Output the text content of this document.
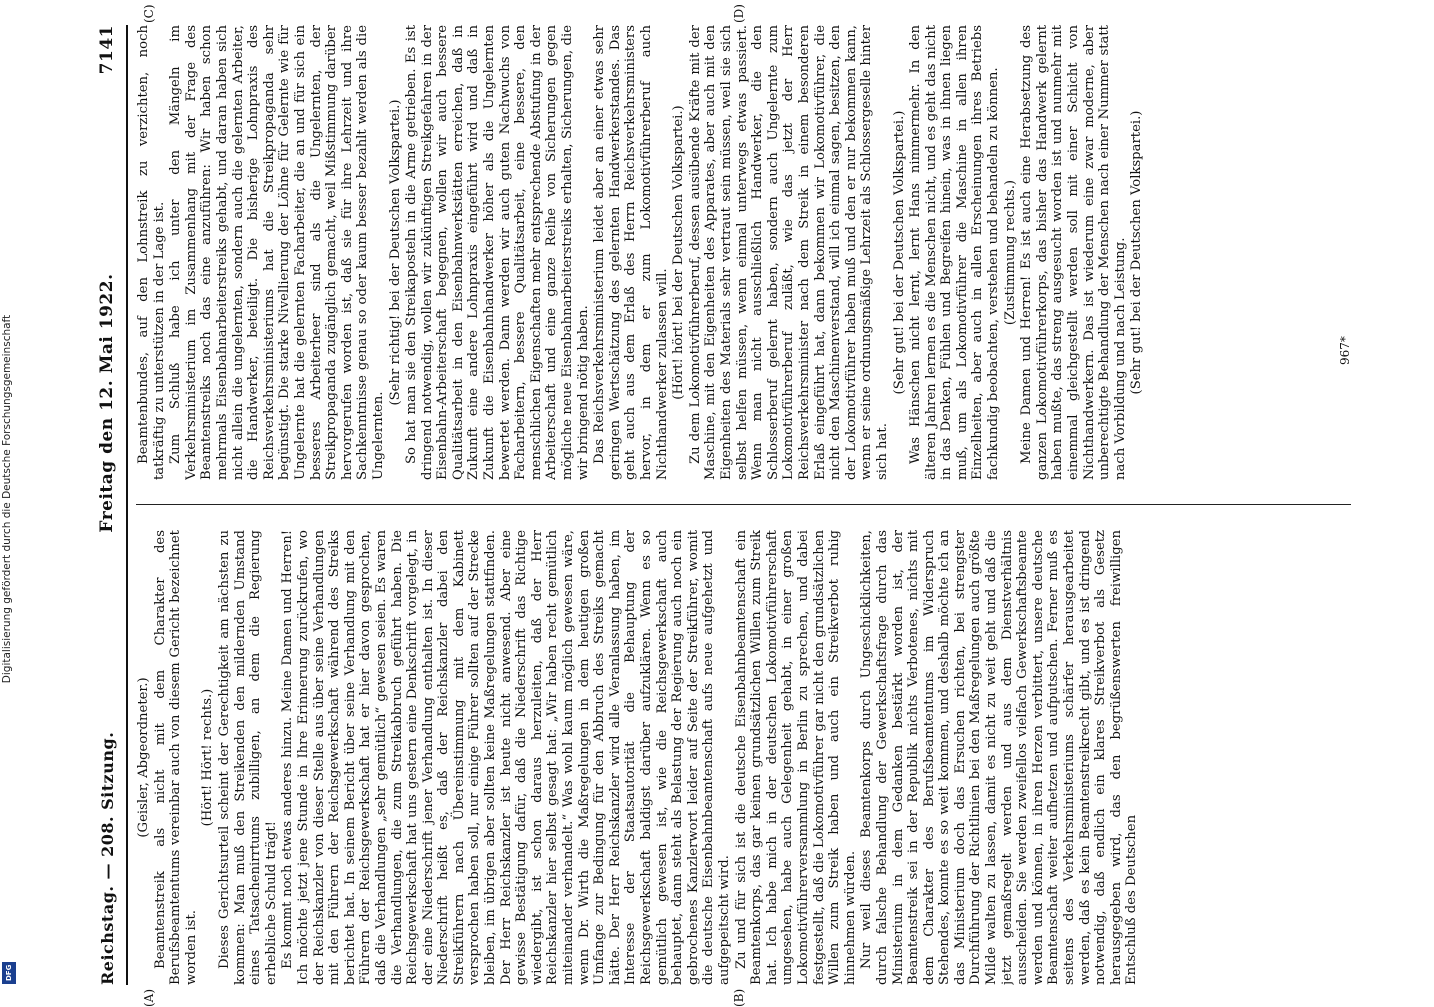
Digitalisierung gefördert durch die Deutsche Forschungsgemeinschaft
DFG	Reichstag. — 208. Sitzung.
Freitag den 12. Mai 1922.
7141
(A)	(B)
(C)	(D)

(Geisler, Abgeordneter.) Beamtenstreik als nicht mit dem Charakter des Berufsbeamtentums vereinbar auch von diesem Gericht bezeichnet worden ist.

(Hört! Hört! rechts.) Dieses Gerichtsurteil scheint der Gerechtigkeit am nächsten zu kommen: Man muß den Streikenden den mildernden Umstand eines Tatsachenirrtums zubilligen, an dem die Regierung erhebliche Schuld trägt! Es kommt noch etwas anderes hinzu. Meine Damen und Herren! Ich möchte jetzt jene Stunde in Ihre Erinnerung zurückrufen, wo der Reichskanzler von dieser Stelle aus über seine Verhandlungen mit den Führern der Reichsgewerkschaft während des Streiks berichtet hat. In seinem Bericht über seine Verhandlung mit den Führern der Reichsgewerkschaft hat er hier davon gesprochen, daß die Verhandlungen „sehr gemütlich“ gewesen seien. Es waren die Verhandlungen, die zum Streikabbruch geführt haben. Die Reichsgewerkschaft hat uns gestern eine Denkschrift vorgelegt, in der eine Niederschrift jener Verhandlung enthalten ist. In dieser Niederschrift heißt es, daß der Reichskanzler dabei den Streikführern nach Übereinstimmung mit dem Kabinett versprochen haben soll, nur einige Führer sollten auf der Strecke bleiben, im übrigen aber sollten keine Maßregelungen stattfinden. Der Herr Reichskanzler ist heute nicht anwesend. Aber eine gewisse Bestätigung dafür, daß die Niederschrift das Richtige wiedergibt, ist schon daraus herzuleiten, daß der Herr Reichskanzler hier selbst gesagt hat: „Wir haben recht gemütlich miteinander verhandelt.“ Was wohl kaum möglich gewesen wäre, wenn Dr. Wirth die Maßregelungen in dem heutigen großen Umfange zur Bedingung für den Abbruch des Streiks gemacht hätte. Der Herr Reichskanzler wird alle Veranlassung haben, im Interesse der Staatsautorität die Behauptung der Reichsgewerkschaft baldigst darüber aufzuklären. Wenn es so gemütlich gewesen ist, wie die Reichsgewerkschaft auch behauptet, dann steht als Belastung der Regierung auch noch ein gebrochenes Kanzlerwort leider auf Seite der Streikführer, womit die deutsche Eisenbahnbeamtenschaft aufs neue aufgehetzt und aufgepeitscht wird. Zu und für sich ist die deutsche Eisenbahnbeamtenschaft ein Beamtenkorps, das gar keinen grundsätzlichen Willen zum Streik hat. Ich habe mich in der deutschen Lokomotivführerschaft umgesehen, habe auch Gelegenheit gehabt, in einer großen Lokomotivführerversammlung in Berlin zu sprechen, und dabei festgestellt, daß die Lokomotivführer gar nicht den grundsätzlichen Willen zum Streik haben und auch ein Streikverbot ruhig hinnehmen würden. Nur weil dieses Beamtenkorps durch Ungeschicklichkeiten, durch falsche Behandlung der Gewerkschaftsfrage durch das Ministerium in dem Gedanken bestärkt worden ist, der Beamtenstreik sei in der Republik nichts Verbotenes, nichts mit dem Charakter des Berufsbeamtentums im Widerspruch Stehendes, konnte es so weit kommen, und deshalb möchte ich an das Ministerium doch das Ersuchen richten, bei strengster Durchführung der Richtlinien bei den Maßregelungen auch größte Milde walten zu lassen, damit es nicht zu weit geht und daß die jetzt gemaßregelt werden und aus dem Dienstverhältnis ausscheiden. Sie werden zweifellos vielfach Gewerkschaftsbeamte werden und können, in ihren Herzen verbittert, unsere deutsche Beamtenschaft weiter aufhetzen und aufputschen. Ferner muß es seitens des Verkehrsministeriums schärfer herausgearbeitet werden, daß es kein Beamtenstreikrecht gibt, und es ist dringend notwendig, daß endlich ein klares Streikverbot als Gesetz herausgegeben wird, das den begrüßenswerten freiwilligen Entschluß des Deutschen

Beamtenbundes, auf den Lohnstreik zu verzichten, noch tatkräftig zu unterstützen in der Lage ist. Zum Schluß habe ich unter den Mängeln im Verkehrsministerium im Zusammenhang mit der Frage des Beamtenstreiks noch das eine anzuführen: Wir haben schon mehrmals Eisenbahnarbeiterstreiks gehabt, und daran haben sich nicht allein die ungelernten, sondern auch die gelernten Arbeiter, die Handwerker, beteiligt. Die bisherige Lohnpraxis des Reichsverkehrsministeriums hat die Streikpropaganda sehr begünstigt. Die starke Nivellierung der Löhne für Gelernte wie für Ungelernte hat die gelernten Facharbeiter, die an und für sich ein besseres Arbeiterheer sind als die Ungelernten, der Streikpropaganda zugänglich gemacht, weil Mißstimmung darüber hervorgerufen worden ist, daß sie für ihre Lehrzeit und ihre Sachkenntnisse genau so oder kaum besser bezahlt werden als die Ungelernten.

(Sehr richtig! bei der Deutschen Volkspartei.) So hat man sie den Streikaposteln in die Arme getrieben. Es ist dringend notwendig, wollen wir zukünftigen Streikgefahren in der Eisenbahn-Arbeiterschaft begegnen, wollen wir auch bessere Qualitätsarbeit in den Eisenbahnwerkstätten erreichen, daß in Zukunft eine andere Lohnpraxis eingeführt wird und daß in Zukunft die Eisenbahnhandwerker höher als die Ungelernten bewertet werden. Dann werden wir auch guten Nachwuchs von Facharbeitern, bessere Qualitätsarbeit, eine bessere, den menschlichen Eigenschaften mehr entsprechende Abstufung in der Arbeiterschaft und eine ganze Reihe von Sicherungen gegen mögliche neue Eisenbahnarbeiterstreiks erhalten, Sicherungen, die wir bringend nötig haben. Das Reichsverkehrsministerium leidet aber an einer etwas sehr geringen Wertschätzung des gelernten Handwerkerstandes. Das geht auch aus dem Erlaß des Herrn Reichsverkehrsministers hervor, in dem er zum Lokomotivführerberuf auch Nichthandwerker zulassen will. (Hört! hört! bei der Deutschen Volkspartei.) Zu dem Lokomotivführerberuf, dessen ausübende Kräfte mit der Maschine, mit den Eigenheiten des Apparates, aber auch mit den Eigenheiten des Materials sehr vertraut sein müssen, weil sie sich selbst helfen müssen, wenn einmal unterwegs etwas passiert. Wenn man nicht ausschließlich Handwerker, die den Schlosserberuf gelernt haben, sondern auch Ungelernte zum Lokomotivführerberuf zuläßt, wie das jetzt der Herr Reichsverkehrsminister nach dem Streik in einem besonderen Erlaß eingeführt hat, dann bekommen wir Lokomotivführer, die nicht den Maschinenverstand, will ich einmal sagen, besitzen, den der Lokomotivführer haben muß und den er nur bekommen kann, wenn er seine ordnungsmäßige Lehrzeit als Schlossergeselle hinter sich hat.

(Sehr gut! bei der Deutschen Volkspartei.) Was Hänschen nicht lernt, lernt Hans nimmermehr. In den älteren Jahren lernen es die Menschen nicht, und es geht das nicht in das Denken, Fühlen und Begreifen hinein, was in ihnen liegen muß, um als Lokomotivführer die Maschine in allen ihren Einzelheiten, aber auch in allen Erscheinungen ihres Betriebs fachkundig beobachten, verstehen und behandeln zu können. (Zustimmung rechts.) Meine Damen und Herren! Es ist auch eine Herabsetzung des ganzen Lokomotivführerkorps, das bisher das Handwerk gelernt haben mußte, das streng ausgesucht worden ist und nunmehr mit einemmal gleichgestellt werden soll mit einer Schicht von Nichthandwerkern. Das ist wiederum eine zwar moderne, aber unberechtigte Behandlung der Menschen nach einer Nummer statt nach Vorbildung und nach Leistung. (Sehr gut! bei der Deutschen Volkspartei.)	967*
